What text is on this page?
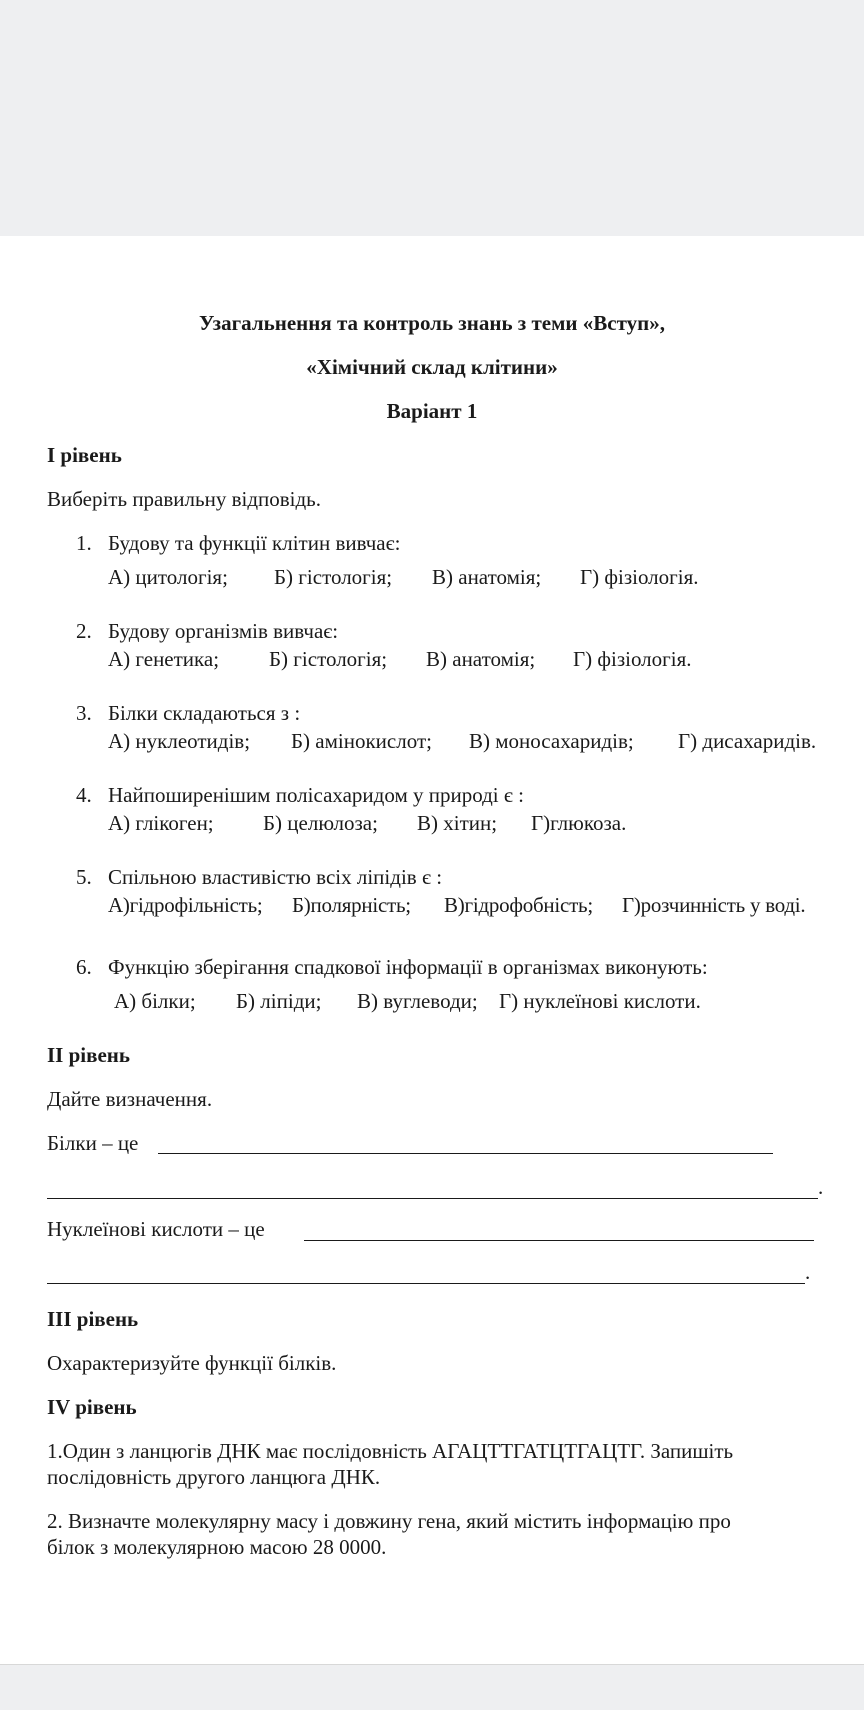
Узагальнення та контроль знань з теми «Вступ»,
«Хімічний склад клітини»
Варіант 1
І рівень
Виберіть правильну відповідь.
1. Будову та функції клітин вивчає:
А) цитологія; Б) гістологія; В) анатомія; Г) фізіологія.
2. Будову організмів вивчає:
А) генетика; Б) гістологія; В) анатомія; Г) фізіологія.
3. Білки складаються з :
А) нуклеотидів; Б) амінокислот; В) моносахаридів; Г) дисахаридів.
4. Найпоширенішим полісахаридом у природі є :
А) глікоген; Б) целюлоза; В) хітин; Г)глюкоза.
5. Спільною властивістю всіх ліпідів є :
А)гідрофільність; Б)полярність; В)гідрофобність; Г)розчинність у воді.
6. Функцію зберігання спадкової інформації в організмах виконують:
А) білки; Б) ліпіди; В) вуглеводи; Г) нуклеїнові кислоти.
ІІ рівень
Дайте визначення.
Білки – це
.
Нуклеїнові кислоти – це
.
ІІІ рівень
Охарактеризуйте функції білків.
ІV рівень
1.Один з ланцюгів ДНК має послідовність АГАЦТТГАТЦТГАЦТГ. Запишіть
послідовність другого ланцюга ДНК.
2. Визначте молекулярну масу і довжину гена, який містить інформацію про
білок з молекулярною масою 28 0000.
